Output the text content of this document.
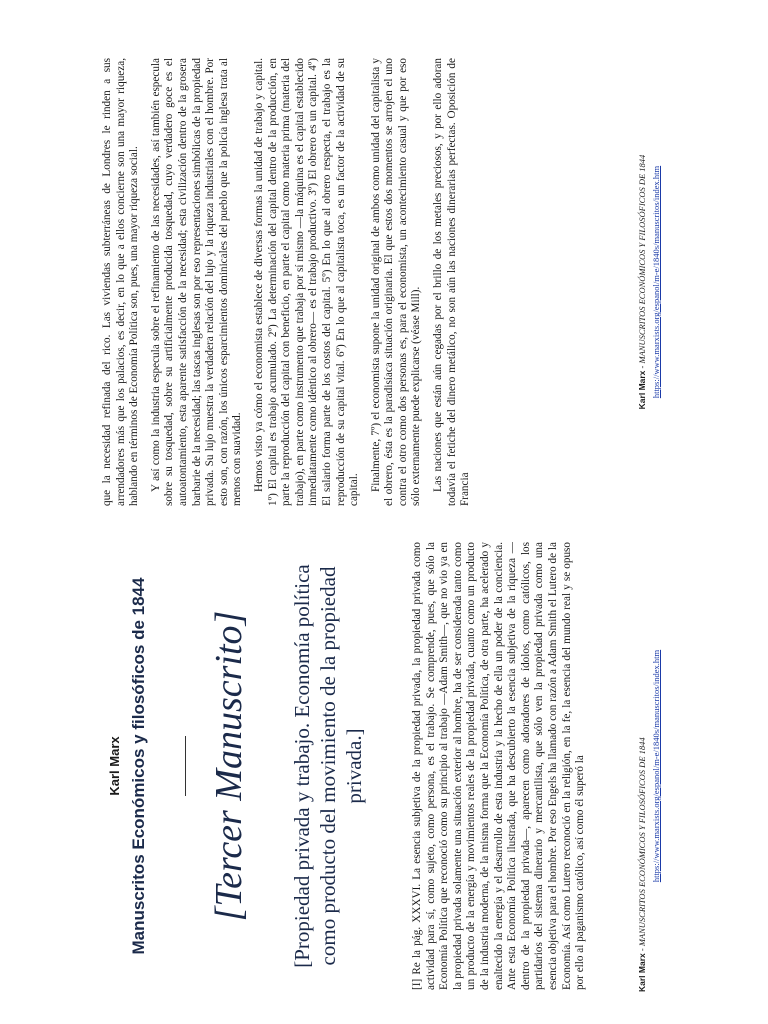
Karl Marx Manuscritos Económicos y filosóficos de 1844 [Tercer Manuscrito] [Propiedad privada y trabajo. Economía política como producto del movimiento de la propiedad privada.]	[I] Re la pág. XXXVI. La esencia subjetiva de la propiedad privada, la propiedad privada como actividad para sí, como sujeto, como persona, es el trabajo. Se comprende, pues, que sólo la Economía Política que reconoció como su principio al trabajo —Adam Smith—, que no vio ya en la propiedad privada solamente una situación exterior al hombre, ha de ser considerada tanto como un producto de la energía y movimientos reales de la propiedad privada, cuanto como un producto de la industria moderna, de la misma forma que la Economía Política, de otra parte, ha acelerado y enaltecido la energía y el desarrollo de esta industria y la hecho de ella un poder de la conciencia. Ante esta Economía Política ilustrada, que ha descubierto la esencia subjetiva de la riqueza —dentro de la propiedad privada—, aparecen como adoradores de ídolos, como católicos, los partidarios del sistema dinerario y mercantilista, que sólo ven la propiedad privada como una esencia objetiva para el hombre. Por eso Engels ha llamado con razón a Adam Smith el Lutero de la Economía. Así como Lutero reconoció en la religión, en la fe, la esencia del mundo real y se opuso por ello al paganismo católico, así como él superó la	Karl Marx - MANUSCRITOS ECONÓMICOS Y FILOSÓFICOS DE 1844 https://www.marxists.org/espanol/m-e/1840s/manuscritos/index.htm

que la necesidad refinada del rico. Las viviendas subterráneas de Londres le rinden a sus arrendadores más que los palacios, es decir, en lo que a ellos concierne son una mayor riqueza, hablando en términos de Economía Política son, pues, una mayor riqueza social. Y así como la industria especula sobre el refinamiento de las necesidades, así también especula sobre su tosquedad, sobre su artificialmente producida tosquedad, cuyo verdadero goce es el autoatontamiento, esta aparente satisfacción de la necesidad; esta civilización dentro de la grosera barbarie de la necesidad; las tascas inglesas son por eso representaciones simbólicas de la propiedad privada. Su lujo muestra la verdadera relación del lujo y la riqueza industriales con el hombre. Por esto son, con razón, los únicos esparcimientos dominicales del pueblo que la policía inglesa trata al menos con suavidad. Hemos visto ya cómo el economista establece de diversas formas la unidad de trabajo y capital. 1º) El capital es trabajo acumulado. 2º) La determinación del capital dentro de la producción, en parte la reproducción del capital con beneficio, en parte el capital como materia prima (materia del trabajo), en parte como instrumento que trabaja por sí mismo —la máquina es el capital establecido inmediatamente como idéntico al obrero— es el trabajo productivo. 3º) El obrero es un capital. 4º) El salario forma parte de los costos del capital. 5º) En lo que al obrero respecta, el trabajo es la reproducción de su capital vital. 6º) En lo que al capitalista toca, es un factor de la actividad de su capital. Finalmente, 7º) el economista supone la unidad original de ambos como unidad del capitalista y el obrero, ésta es la paradisíaca situación originaria. El que estos dos momentos se arrojen el uno contra el otro como dos personas es, para el economista, un acontecimiento casual y que por eso sólo externamente puede explicarse (véase Mill). Las naciones que están aún cegadas por el brillo de los metales preciosos, y por ello adoran todavía el fetiche del dinero metálico, no son aún las naciones dinerarias perfectas. Oposición de Francia

Karl Marx - MANUSCRITOS ECONÓMICOS Y FILOSÓFICOS DE 1844 https://www.marxists.org/espanol/m-e/1840s/manuscritos/index.htm
